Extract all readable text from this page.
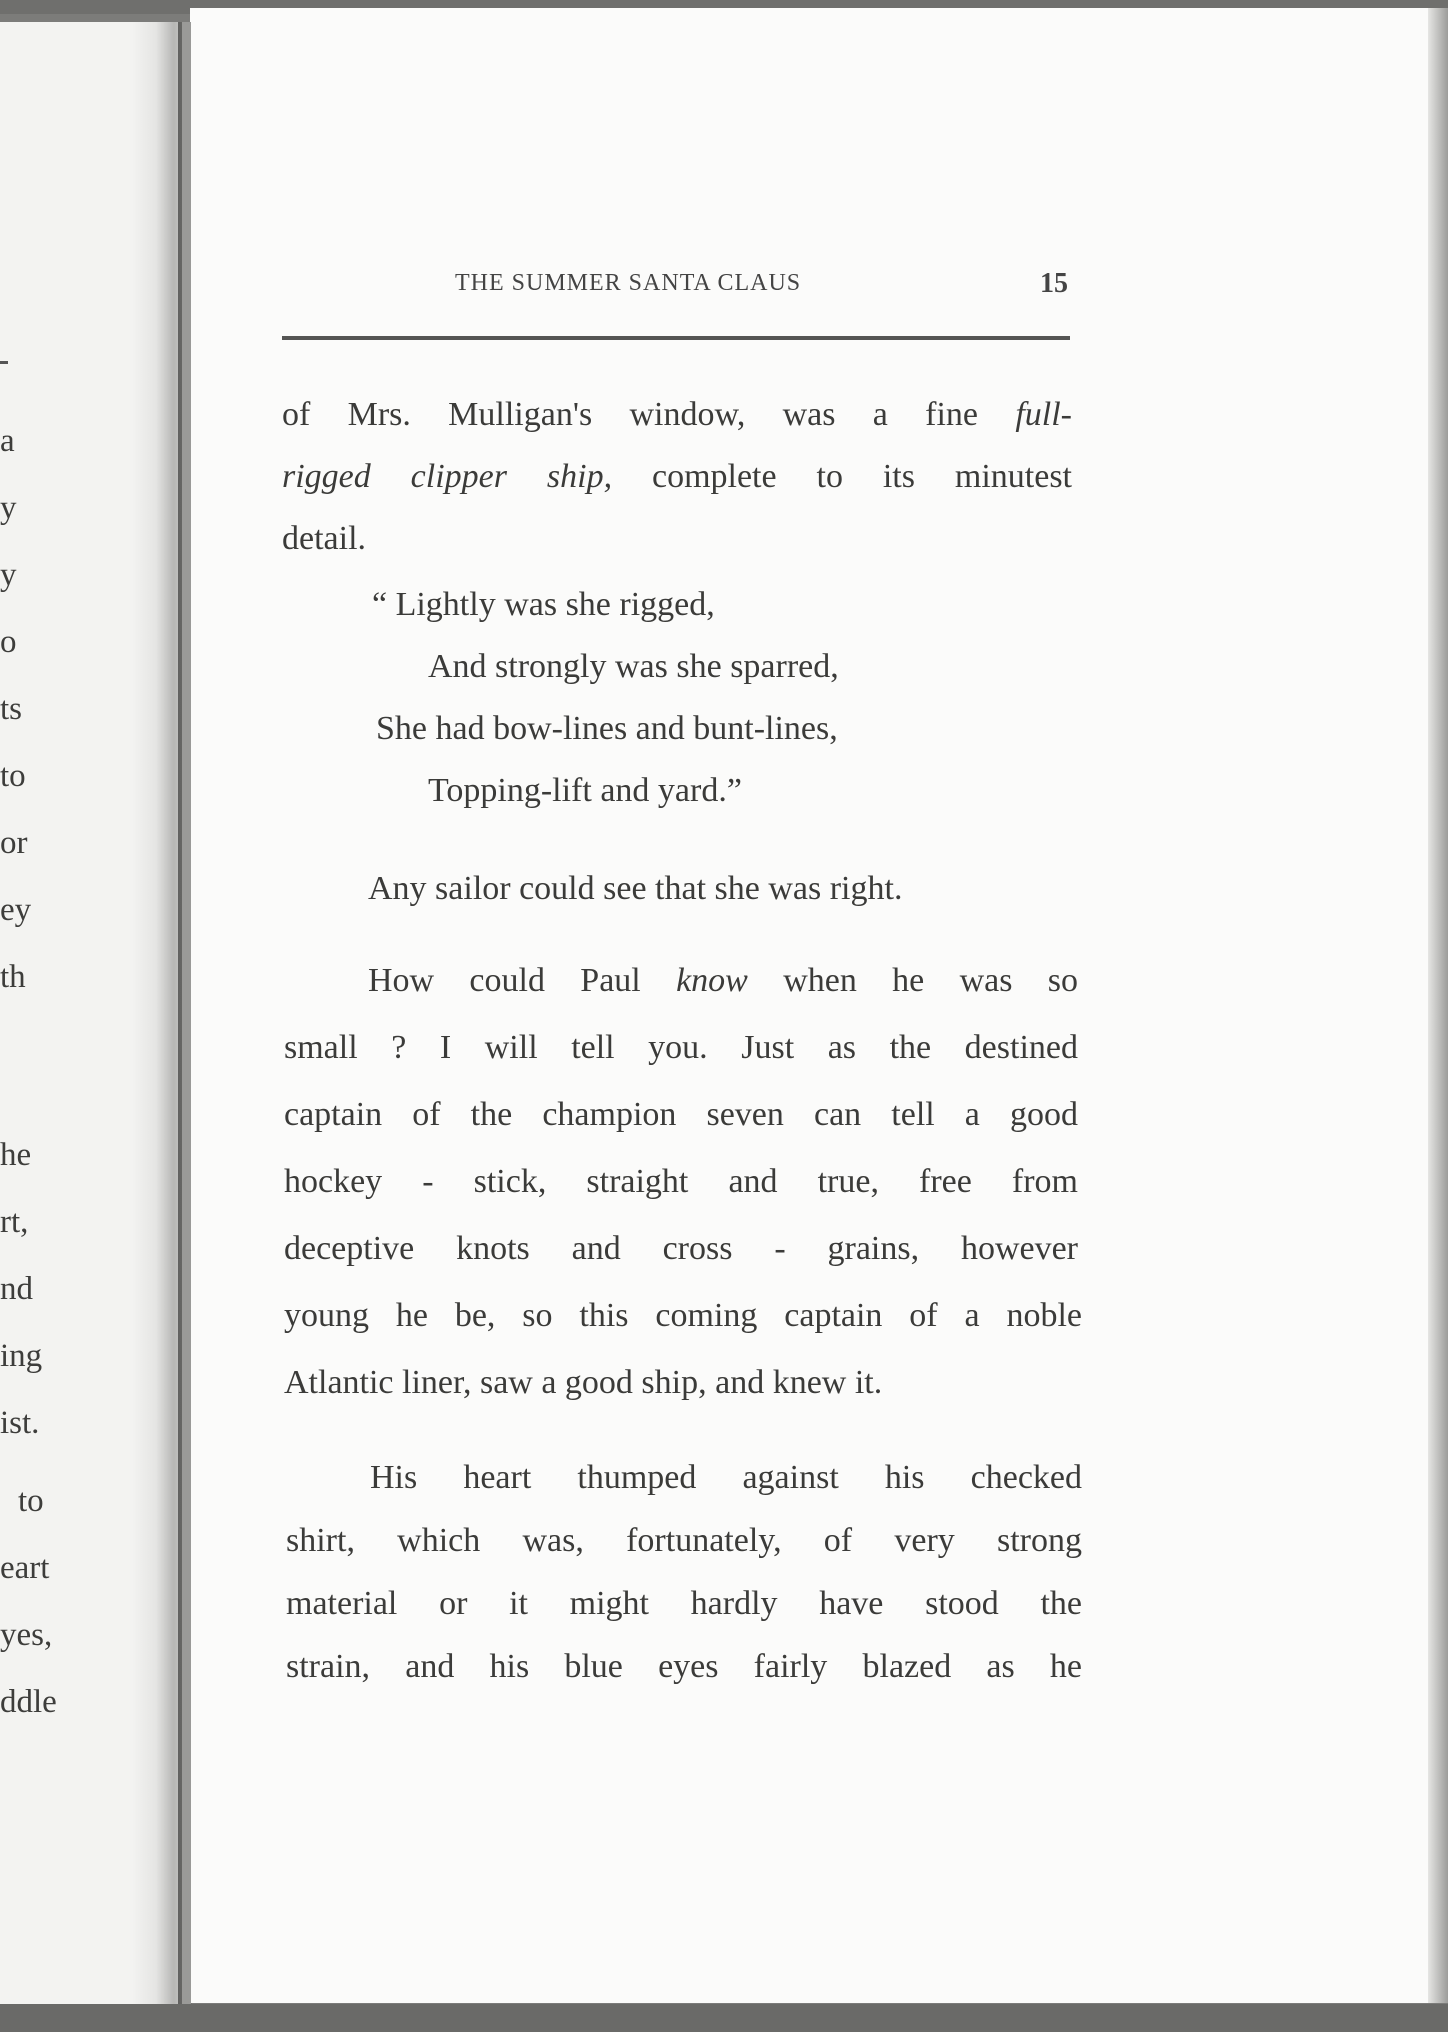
a
y
y
o
ts
to
or
ey
th
he
rt,
nd
ing
ist.
to
eart
yes,
ddle
THE SUMMER SANTA CLAUS	15
of Mrs. Mulligan's window, was a fine full-
rigged clipper ship, complete to its minutest
detail.
“ Lightly was she rigged,
And strongly was she sparred,
She had bow-lines and bunt-lines,
Topping-lift and yard.”
Any sailor could see that she was right.
How could Paul know when he was so
small ? I will tell you. Just as the destined
captain of the champion seven can tell a good
hockey - stick, straight and true, free from
deceptive knots and cross - grains, however
young he be, so this coming captain of a noble
Atlantic liner, saw a good ship, and knew it.
His heart thumped against his checked
shirt, which was, fortunately, of very strong
material or it might hardly have stood the
strain, and his blue eyes fairly blazed as he
